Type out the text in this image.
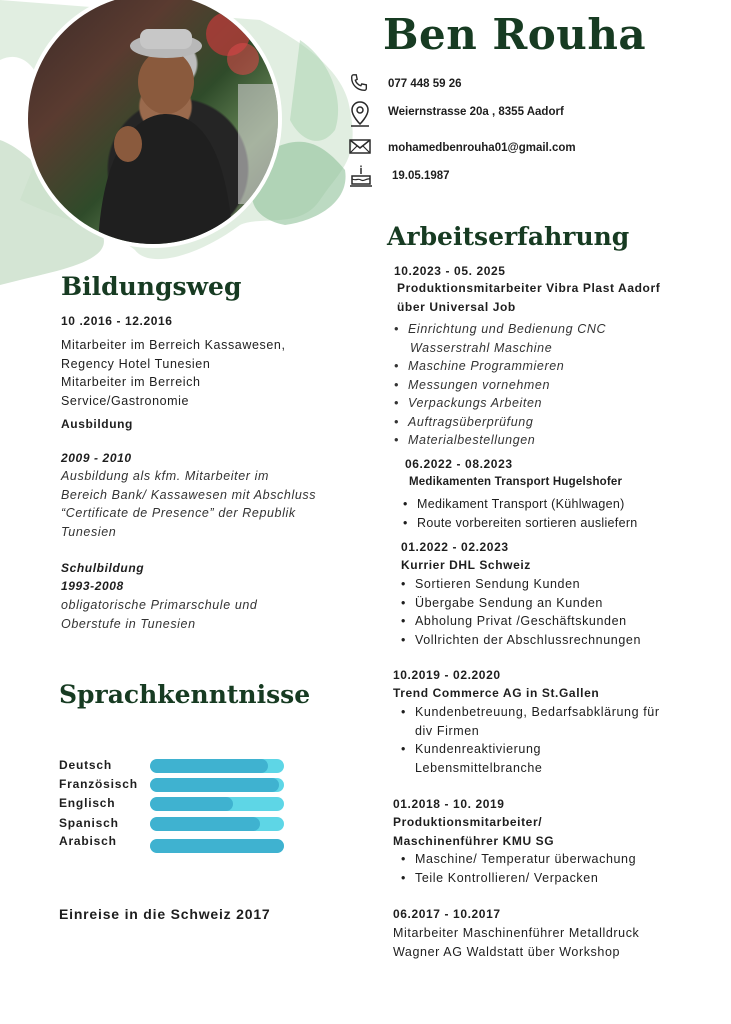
Ben Rouha
077 448 59 26
Weiernstrasse 20a , 8355 Aadorf
mohamedbenrouha01@gmail.com
19.05.1987
Bildungsweg
10 .2016 - 12.2016
Mitarbeiter im Berreich Kassawesen,
Regency Hotel Tunesien
Mitarbeiter im Berreich
Service/Gastronomie
Ausbildung
2009 - 2010
Ausbildung als kfm. Mitarbeiter im
Bereich Bank/ Kassawesen mit Abschluss
“Certificate de Presence” der Republik
Tunesien
Schulbildung
1993-2008
obligatorische Primarschule und
Oberstufe in Tunesien
Sprachkenntnisse
Deutsch
Französisch
Englisch
Spanisch
Arabisch
Einreise in die Schweiz 2017
Arbeitserfahrung
10.2023 - 05. 2025
Produktionsmitarbeiter Vibra Plast Aadorf
über Universal Job
• Einrichtung und Bedienung CNC
Wasserstrahl Maschine
• Maschine Programmieren
• Messungen vornehmen
• Verpackungs Arbeiten
• Auftragsüberprüfung
• Materialbestellungen
06.2022 - 08.2023
Medikamenten Transport Hugelshofer
• Medikament Transport (Kühlwagen)
• Route vorbereiten sortieren ausliefern
01.2022 - 02.2023
Kurrier DHL Schweiz
• Sortieren Sendung Kunden
• Übergabe Sendung an Kunden
• Abholung Privat /Geschäftskunden
• Vollrichten der Abschlussrechnungen
10.2019 - 02.2020
Trend Commerce AG in St.Gallen
• Kundenbetreuung, Bedarfsabklärung für
div Firmen
• Kundenreaktivierung
Lebensmittelbranche
01.2018 - 10. 2019
Produktionsmitarbeiter/
Maschinenführer KMU SG
• Maschine/ Temperatur überwachung
• Teile Kontrollieren/ Verpacken
06.2017 - 10.2017
Mitarbeiter Maschinenführer Metalldruck
Wagner AG Waldstatt über Workshop
